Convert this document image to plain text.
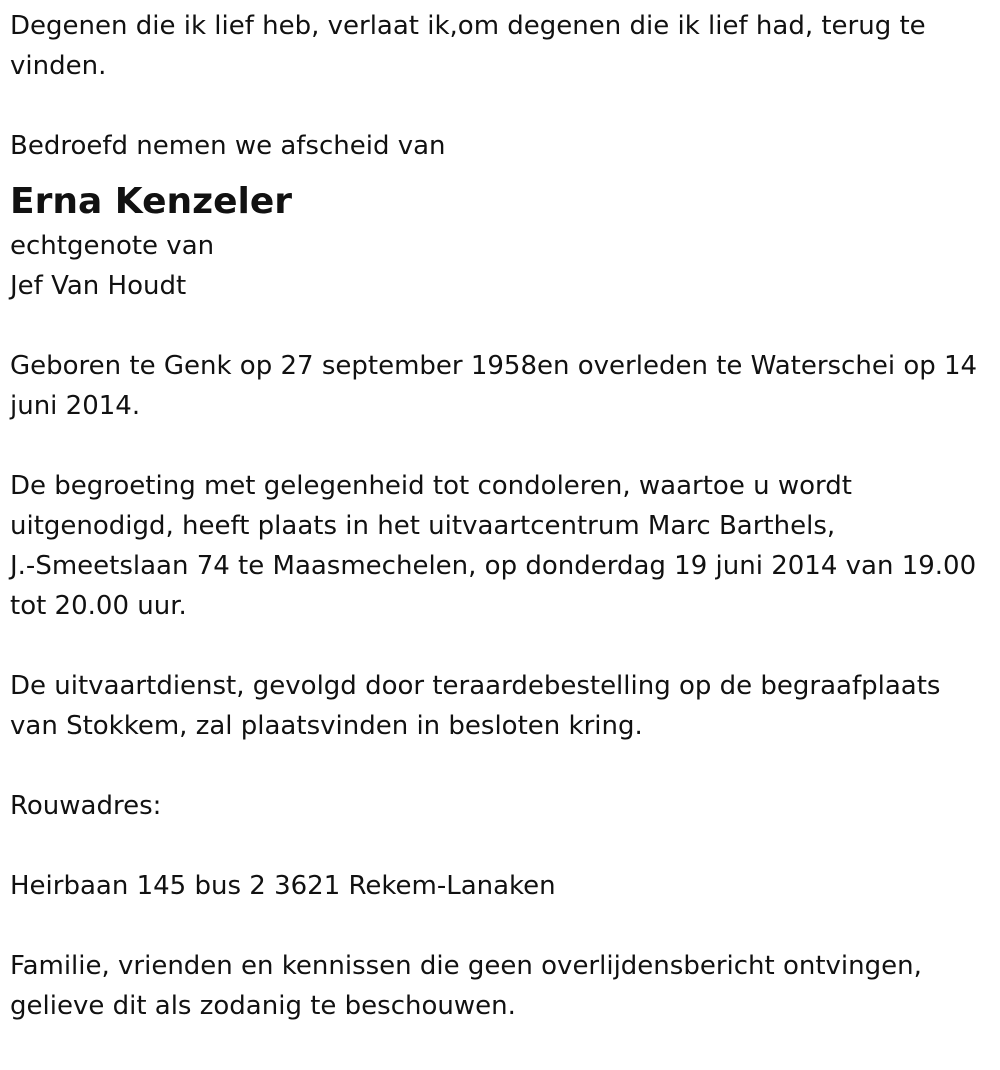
Degenen die ik lief heb, verlaat ik,om degenen die ik lief had, terug te

vinden.

Bedroefd nemen we afscheid van

Erna Kenzeler

echtgenote van

Jef Van Houdt

Geboren te Genk op 27 september 1958en overleden te Waterschei op 14

juni 2014.

De begroeting met gelegenheid tot condoleren, waartoe u wordt

uitgenodigd, heeft plaats in het uitvaartcentrum Marc Barthels,

J.-Smeetslaan 74 te Maasmechelen, op donderdag 19 juni 2014 van 19.00

tot 20.00 uur.

De uitvaartdienst, gevolgd door teraardebestelling op de begraafplaats

van Stokkem, zal plaatsvinden in besloten kring.

Rouwadres:

Heirbaan 145 bus 2 3621 Rekem-Lanaken

Familie, vrienden en kennissen die geen overlijdensbericht ontvingen,

gelieve dit als zodanig te beschouwen.
